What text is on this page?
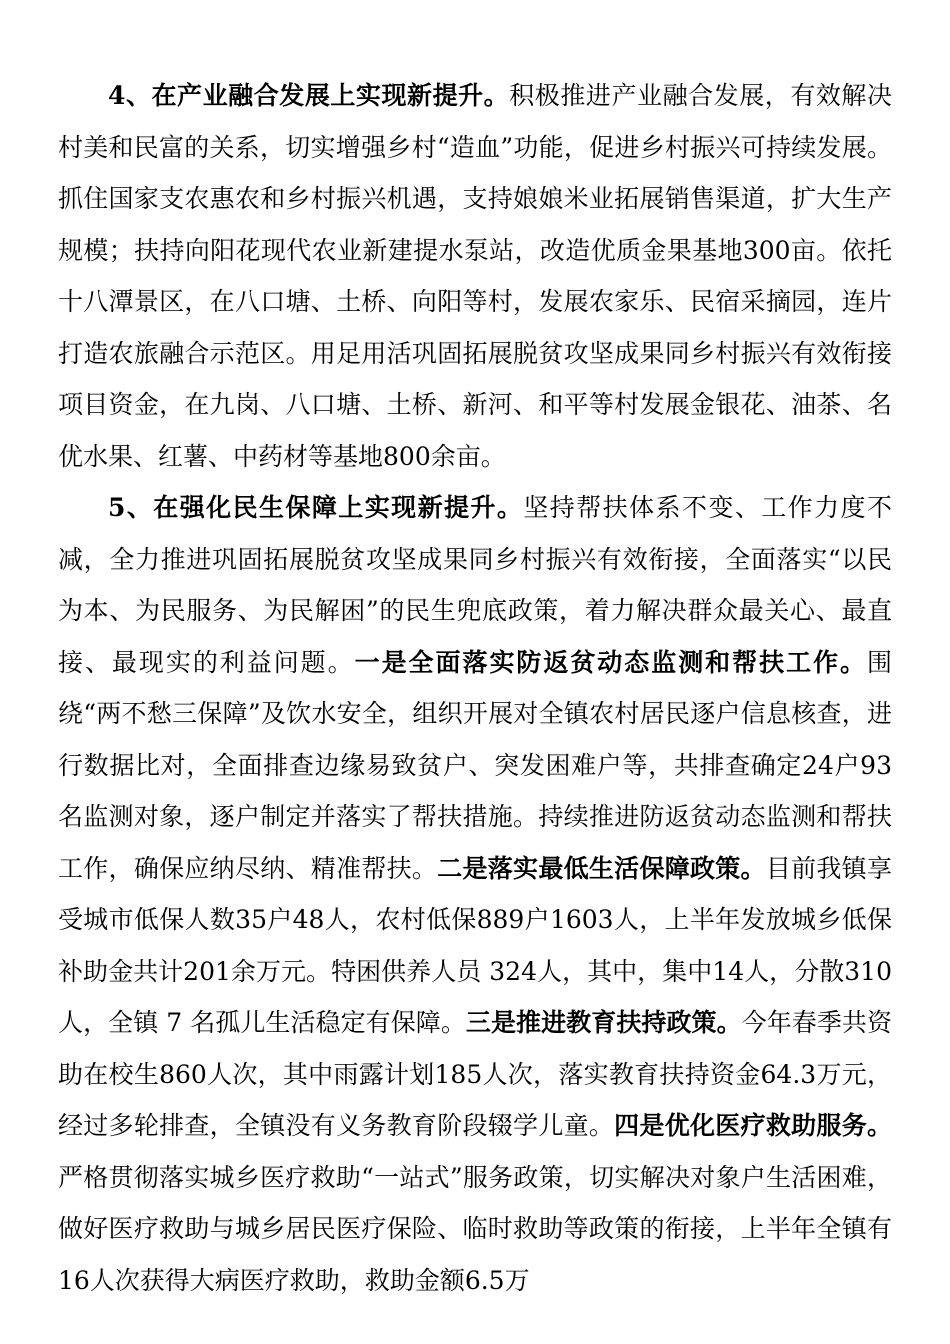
4、在产业融合发展上实现新提升。积极推进产业融合发展，有效解决村美和民富的关系，切实增强乡村“造血”功能，促进乡村振兴可持续发展。抓住国家支农惠农和乡村振兴机遇，支持娘娘米业拓展销售渠道，扩大生产规模；扶持向阳花现代农业新建提水泵站，改造优质金果基地300亩。依托十八潭景区，在八口塘、土桥、向阳等村，发展农家乐、民宿采摘园，连片打造农旅融合示范区。用足用活巩固拓展脱贫攻坚成果同乡村振兴有效衔接项目资金，在九岗、八口塘、土桥、新河、和平等村发展金银花、油茶、名优水果、红薯、中药材等基地800余亩。

5、在强化民生保障上实现新提升。坚持帮扶体系不变、工作力度不减，全力推进巩固拓展脱贫攻坚成果同乡村振兴有效衔接，全面落实“以民为本、为民服务、为民解困”的民生兜底政策，着力解决群众最关心、最直接、最现实的利益问题。一是全面落实防返贫动态监测和帮扶工作。围绕“两不愁三保障”及饮水安全，组织开展对全镇农村居民逐户信息核查，进行数据比对，全面排查边缘易致贫户、突发困难户等，共排查确定24户93名监测对象，逐户制定并落实了帮扶措施。持续推进防返贫动态监测和帮扶工作，确保应纳尽纳、精准帮扶。二是落实最低生活保障政策。目前我镇享受城市低保人数35户48人，农村低保889户1603人，上半年发放城乡低保补助金共计201余万元。特困供养人员 324人，其中，集中14人，分散310人，全镇 7 名孤儿生活稳定有保障。三是推进教育扶持政策。今年春季共资助在校生860人次，其中雨露计划185人次，落实教育扶持资金64.3万元，经过多轮排查，全镇没有义务教育阶段辍学儿童。四是优化医疗救助服务。严格贯彻落实城乡医疗救助“一站式”服务政策，切实解决对象户生活困难，做好医疗救助与城乡居民医疗保险、临时救助等政策的衔接，上半年全镇有16人次获得大病医疗救助，救助金额6.5万
